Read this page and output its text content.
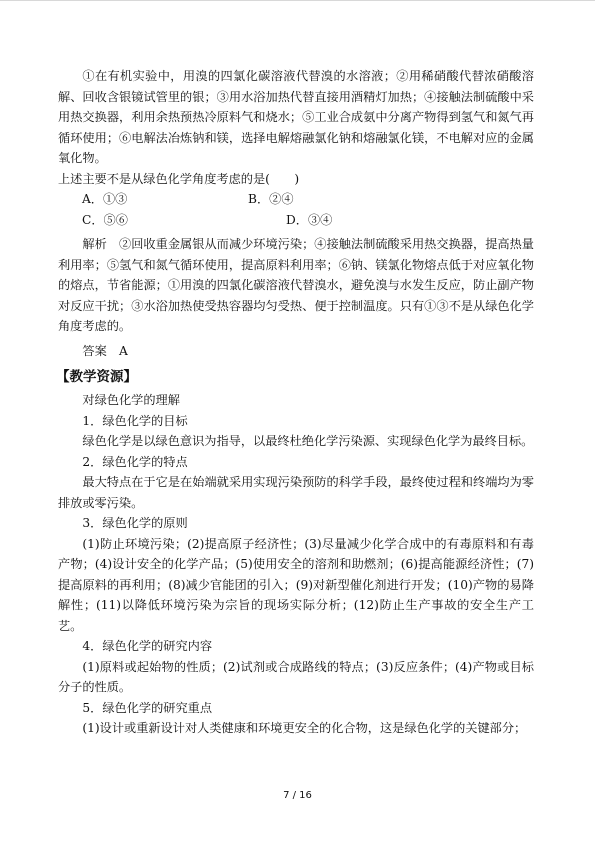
①在有机实验中，用溴的四氯化碳溶液代替溴的水溶液；②用稀硝酸代替浓硝酸溶解、回收含银镜试管里的银；③用水浴加热代替直接用酒精灯加热；④接触法制硫酸中采用热交换器，利用余热预热冷原料气和烧水；⑤工业合成氨中分离产物得到氢气和氮气再循环使用；⑥电解法冶炼钠和镁，选择电解熔融氯化钠和熔融氯化镁，不电解对应的金属氧化物。

上述主要不是从绿色化学角度考虑的是(　　)

A．①③	B．②④
C．⑤⑥	D．③④

解析　②回收重金属银从而减少环境污染；④接触法制硫酸采用热交换器，提高热量利用率；⑤氢气和氮气循环使用，提高原料利用率；⑥钠、镁氯化物熔点低于对应氧化物的熔点，节省能源；①用溴的四氯化碳溶液代替溴水，避免溴与水发生反应，防止副产物对反应干扰；③水浴加热使受热容器均匀受热、便于控制温度。只有①③不是从绿色化学角度考虑的。

答案　A

【教学资源】

对绿色化学的理解

1．绿色化学的目标

绿色化学是以绿色意识为指导，以最终杜绝化学污染源、实现绿色化学为最终目标。

2．绿色化学的特点

最大特点在于它是在始端就采用实现污染预防的科学手段，最终使过程和终端均为零排放或零污染。

3．绿色化学的原则

(1)防止环境污染；(2)提高原子经济性；(3)尽量减少化学合成中的有毒原料和有毒产物；(4)设计安全的化学产品；(5)使用安全的溶剂和助燃剂；(6)提高能源经济性；(7)提高原料的再利用；(8)减少官能团的引入；(9)对新型催化剂进行开发；(10)产物的易降解性；(11)以降低环境污染为宗旨的现场实际分析；(12)防止生产事故的安全生产工艺。

4．绿色化学的研究内容

(1)原料或起始物的性质；(2)试剂或合成路线的特点；(3)反应条件；(4)产物或目标分子的性质。

5．绿色化学的研究重点

(1)设计或重新设计对人类健康和环境更安全的化合物，这是绿色化学的关键部分；

7 / 16
